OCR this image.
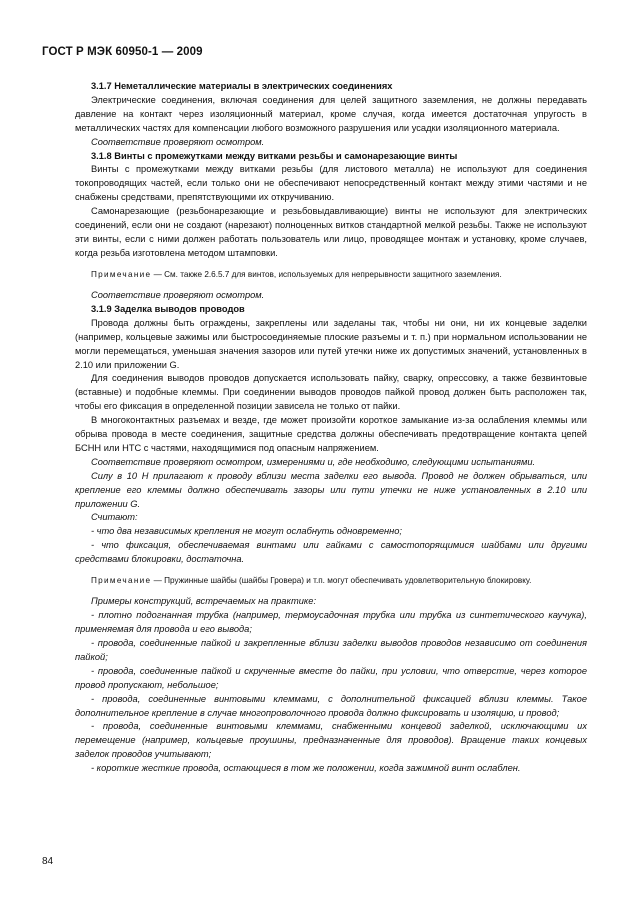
ГОСТ Р МЭК 60950-1 — 2009

3.1.7 Неметаллические материалы в электрических соединениях

Электрические соединения, включая соединения для целей защитного заземления, не должны передавать давление на контакт через изоляционный материал, кроме случая, когда имеется достаточная упругость в металлических частях для компенсации любого возможного разрушения или усадки изоляционного материала.

Соответствие проверяют осмотром.

3.1.8 Винты с промежутками между витками резьбы и самонарезающие винты

Винты с промежутками между витками резьбы (для листового металла) не используют для соединения токопроводящих частей, если только они не обеспечивают непосредственный контакт между этими частями и не снабжены средствами, препятствующими их откручиванию.

Самонарезающие (резьбонарезающие и резьбовыдавливающие) винты не используют для электрических соединений, если они не создают (нарезают) полноценных витков стандартной мелкой резьбы. Также не используют эти винты, если с ними должен работать пользователь или лицо, проводящее монтаж и установку, кроме случаев, когда резьба изготовлена методом штамповки.

Примечание — См. также 2.6.5.7 для винтов, используемых для непрерывности защитного заземления.

Соответствие проверяют осмотром.

3.1.9 Заделка выводов проводов

Провода должны быть ограждены, закреплены или заделаны так, чтобы ни они, ни их концевые заделки (например, кольцевые зажимы или быстросоединяемые плоские разъемы и т. п.) при нормальном использовании не могли перемещаться, уменьшая значения зазоров или путей утечки ниже их допустимых значений, установленных в 2.10 или приложении G.

Для соединения выводов проводов допускается использовать пайку, сварку, опрессовку, а также безвинтовые (вставные) и подобные клеммы. При соединении выводов проводов пайкой провод должен быть расположен так, чтобы его фиксация в определенной позиции зависела не только от пайки.

В многоконтактных разъемах и везде, где может произойти короткое замыкание из-за ослабления клеммы или обрыва провода в месте соединения, защитные средства должны обеспечивать предотвращение контакта цепей БСНН или НТС с частями, находящимися под опасным напряжением.

Соответствие проверяют осмотром, измерениями и, где необходимо, следующими испытаниями.

Силу в 10 Н прилагают к проводу вблизи места заделки его вывода. Провод не должен обрываться, или крепление его клеммы должно обеспечивать зазоры или пути утечки не ниже установленных в 2.10 или приложении G.

Считают:

- что два независимых крепления не могут ослабнуть одновременно;

- что фиксация, обеспечиваемая винтами или гайками с самостопорящимися шайбами или другими средствами блокировки, достаточна.

Примечание — Пружинные шайбы (шайбы Гровера) и т.п. могут обеспечивать удовлетворительную блокировку.

Примеры конструкций, встречаемых на практике:

- плотно подогнанная трубка (например, термоусадочная трубка или трубка из синтетического каучука), применяемая для провода и его вывода;

- провода, соединенные пайкой и закрепленные вблизи заделки выводов проводов независимо от соединения пайкой;

- провода, соединенные пайкой и скрученные вместе до пайки, при условии, что отверстие, через которое провод пропускают, небольшое;

- провода, соединенные винтовыми клеммами, с дополнительной фиксацией вблизи клеммы. Такое дополнительное крепление в случае многопроволочного провода должно фиксировать и изоляцию, и провод;

- провода, соединенные винтовыми клеммами, снабженными концевой заделкой, исключающими их перемещение (например, кольцевые проушины, предназначенные для проводов). Вращение таких концевых заделок проводов учитывают;

- короткие жесткие провода, остающиеся в том же положении, когда зажимной винт ослаблен.

84
